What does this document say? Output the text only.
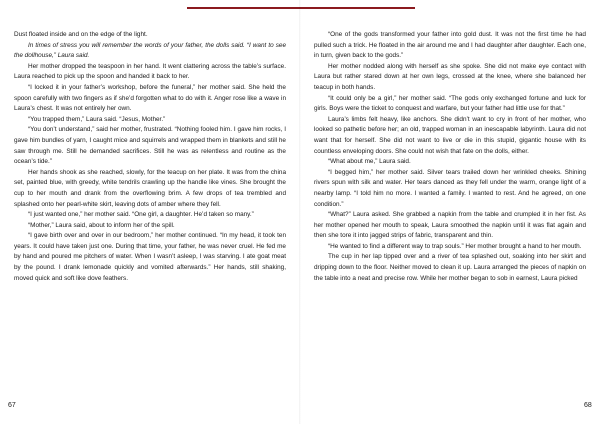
Dust floated inside and on the edge of the light.

In times of stress you will remember the words of your father, the dolls said. “I want to see the dollhouse,” Laura said.

Her mother dropped the teaspoon in her hand. It went clattering across the table’s surface. Laura reached to pick up the spoon and handed it back to her.

“I locked it in your father’s workshop, before the funeral,” her mother said. She held the spoon carefully with two fingers as if she’d forgotten what to do with it. Anger rose like a wave in Laura’s chest. It was not entirely her own.

“You trapped them,” Laura said. “Jesus, Mother.”

“You don’t understand,” said her mother, frustrated. “Nothing fooled him. I gave him rocks, I gave him bundles of yarn, I caught mice and squirrels and wrapped them in blankets and still he saw through me. Still he demanded sacrifices. Still he was as relentless and routine as the ocean’s tide.”

Her hands shook as she reached, slowly, for the teacup on her plate. It was from the china set, painted blue, with greedy, white tendrils crawling up the handle like vines. She brought the cup to her mouth and drank from the overflowing brim. A few drops of tea trembled and splashed onto her pearl-white skirt, leaving dots of amber where they fell.

“I just wanted one,” her mother said. “One girl, a daughter. He’d taken so many.”

“Mother,” Laura said, about to inform her of the spill.

“I gave birth over and over in our bedroom,” her mother continued. “In my head, it took ten years. It could have taken just one. During that time, your father, he was never cruel. He fed me by hand and poured me pitchers of water. When I wasn’t asleep, I was starving. I ate goat meat by the pound. I drank lemonade quickly and vomited afterwards.” Her hands, still shaking, moved quick and soft like dove feathers.

“One of the gods transformed your father into gold dust. It was not the first time he had pulled such a trick. He floated in the air around me and I had daughter after daughter. Each one, in turn, given back to the gods.”

Her mother nodded along with herself as she spoke. She did not make eye contact with Laura but rather stared down at her own legs, crossed at the knee, where she balanced her teacup in both hands.

“It could only be a girl,” her mother said. “The gods only exchanged fortune and luck for girls. Boys were the ticket to conquest and warfare, but your father had little use for that.”

Laura’s limbs felt heavy, like anchors. She didn’t want to cry in front of her mother, who looked so pathetic before her; an old, trapped woman in an inescapable labyrinth. Laura did not want that for herself. She did not want to live or die in this stupid, gigantic house with its countless enveloping doors. She could not wish that fate on the dolls, either.

“What about me,” Laura said.

“I begged him,” her mother said. Silver tears trailed down her wrinkled cheeks. Shining rivers spun with silk and water. Her tears danced as they fell under the warm, orange light of a nearby lamp. “I told him no more. I wanted a family. I wanted to rest. And he agreed, on one condition.”

“What?” Laura asked. She grabbed a napkin from the table and crumpled it in her fist. As her mother opened her mouth to speak, Laura smoothed the napkin until it was flat again and then she tore it into jagged strips of fabric, transparent and thin.

“He wanted to find a different way to trap souls.” Her mother brought a hand to her mouth.

The cup in her lap tipped over and a river of tea splashed out, soaking into her skirt and dripping down to the floor. Neither moved to clean it up. Laura arranged the pieces of napkin on the table into a neat and precise row. While her mother began to sob in earnest, Laura picked

67	68
